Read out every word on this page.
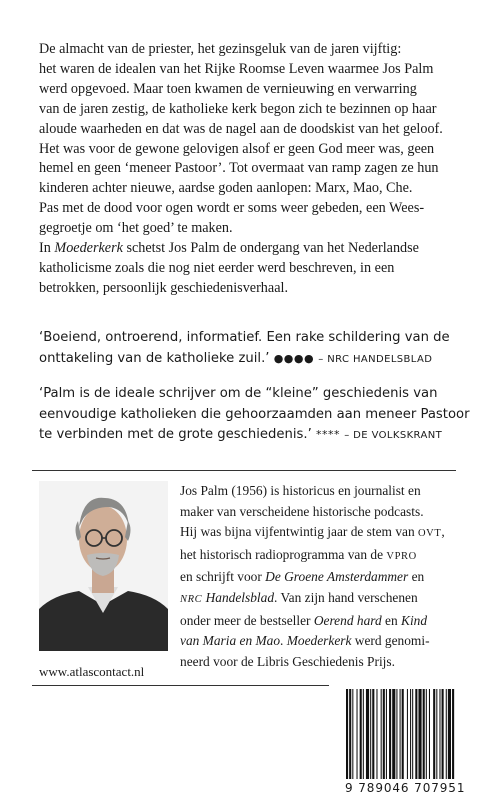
De almacht van de priester, het gezinsgeluk van de jaren vijftig:
het waren de idealen van het Rijke Roomse Leven waarmee Jos Palm
werd opgevoed. Maar toen kwamen de vernieuwing en verwarring
van de jaren zestig, de katholieke kerk begon zich te bezinnen op haar
aloude waarheden en dat was de nagel aan de doodskist van het geloof.
Het was voor de gewone gelovigen alsof er geen God meer was, geen
hemel en geen ‘meneer Pastoor’. Tot overmaat van ramp zagen ze hun
kinderen achter nieuwe, aardse goden aanlopen: Marx, Mao, Che.
Pas met de dood voor ogen wordt er soms weer gebeden, een Wees-
gegroetje om ‘het goed’ te maken.
In Moederkerk schetst Jos Palm de ondergang van het Nederlandse
katholicisme zoals die nog niet eerder werd beschreven, in een
betrokken, persoonlijk geschiedenisverhaal.
‘Boeiend, ontroerend, informatief. Een rake schildering van de
onttakeling van de katholieke zuil.’ ●●●● – NRC HANDELSBLAD
‘Palm is de ideale schrijver om de “kleine” geschiedenis van
eenvoudige katholieken die gehoorzaamden aan meneer Pastoor
te verbinden met de grote geschiedenis.’ **** – DE VOLKSKRANT
Jos Palm (1956) is historicus en journalist en
maker van verscheidene historische podcasts.
Hij was bijna vijfentwintig jaar de stem van OVT,
het historisch radioprogramma van de VPRO
en schrijft voor De Groene Amsterdammer en
NRC Handelsblad. Van zijn hand verschenen
onder meer de bestseller Oerend hard en Kind
van Maria en Mao. Moederkerk werd genomi-
neerd voor de Libris Geschiedenis Prijs.
www.atlascontact.nl
9 789046 707951
